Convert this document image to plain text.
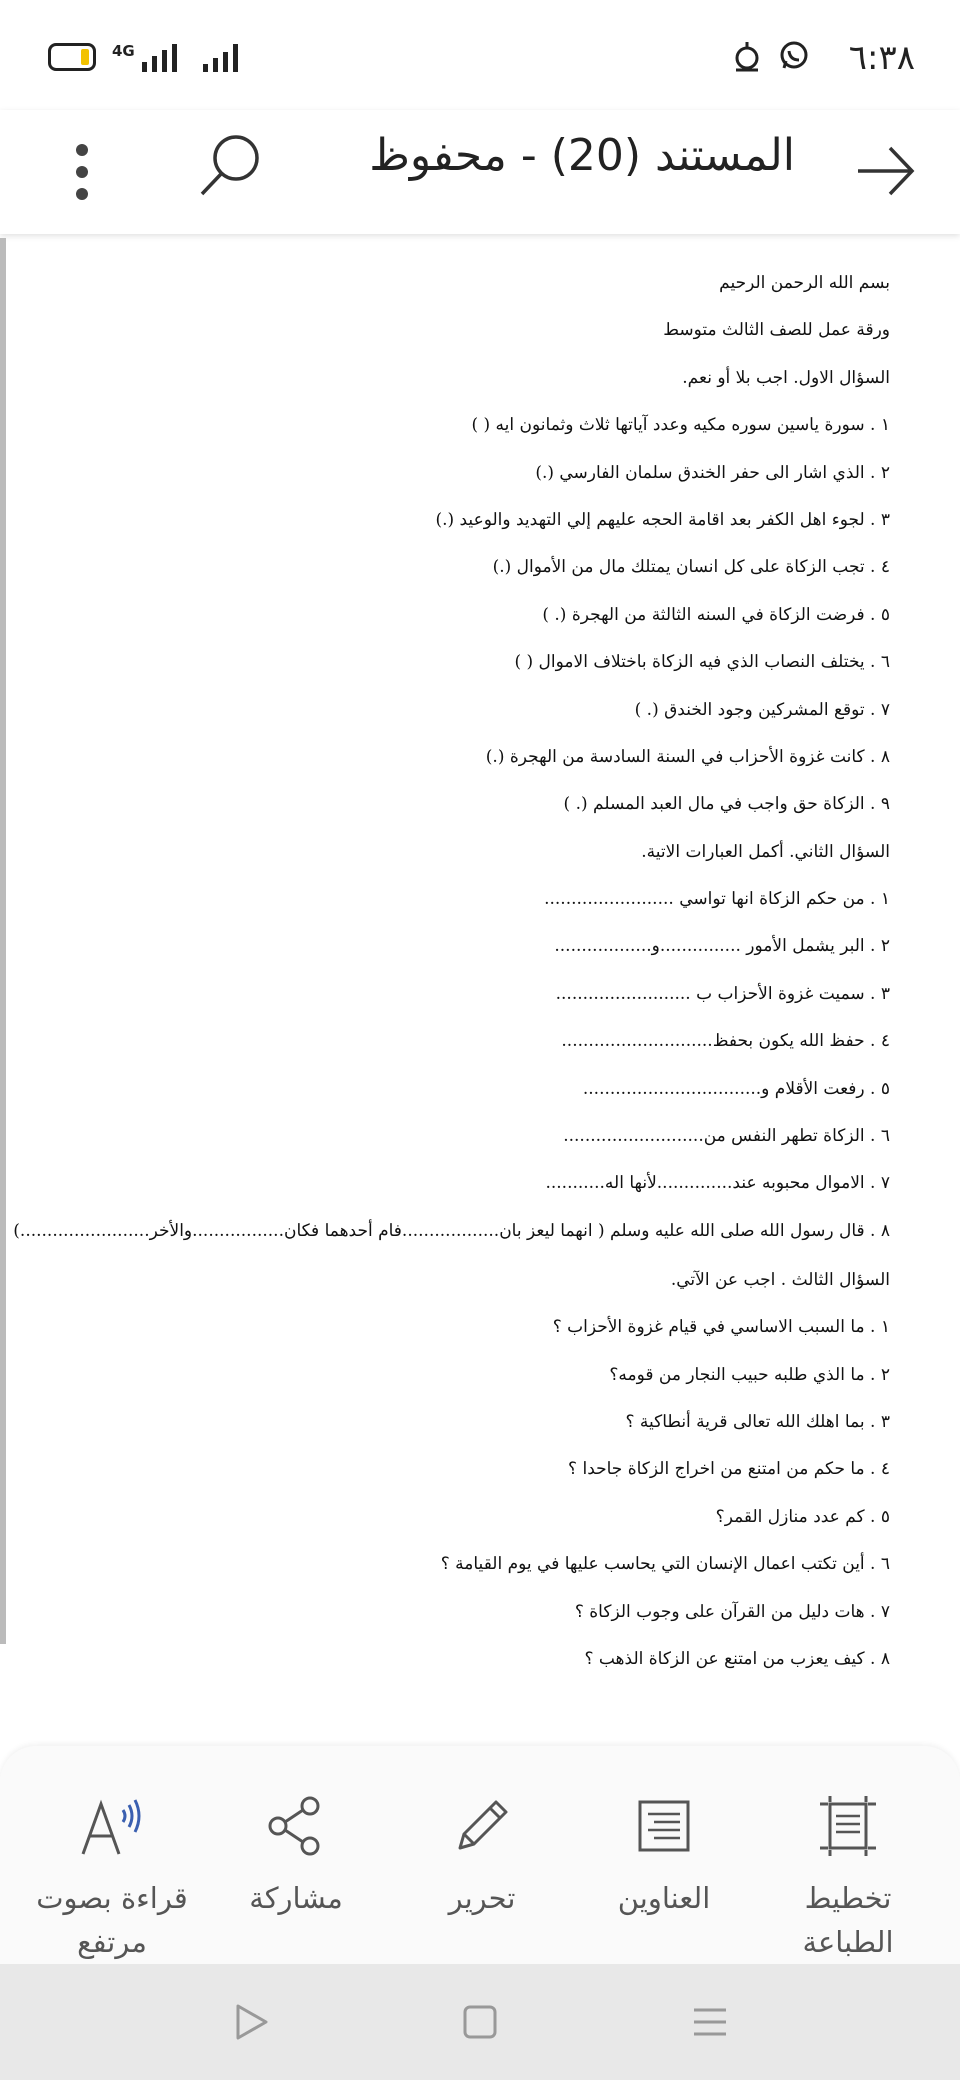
4G	٦:٣٨
المستند (20) - محفوظ
بسم الله الرحمن الرحيم
ورقة عمل للصف الثالث متوسط
السؤال الاول. اجب بلا أو نعم.
١ . سورة ياسين سوره مكيه وعدد آياتها ثلاث وثمانون ايه ( )
٢ . الذي اشار الى حفر الخندق سلمان الفارسي (.)
٣ . لجوء اهل الكفر بعد اقامة الحجه عليهم إلي التهديد والوعيد (.)
٤ . تجب الزكاة على كل انسان يمتلك مال من الأموال (.)
٥ . فرضت الزكاة في السنه الثالثة من الهجرة (. )
٦ . يختلف النصاب الذي فيه الزكاة باختلاف الاموال ( )
٧ . توقع المشركين وجود الخندق (. )
٨ . كانت غزوة الأحزاب في السنة السادسة من الهجرة (.)
٩ . الزكاة حق واجب في مال العبد المسلم (. )
السؤال الثاني. أكمل العبارات الاتية.
١ . من حكم الزكاة انها تواسي ........................
٢ . البر يشمل الأمور ...............و..................
٣ . سميت غزوة الأحزاب ب .........................
٤ . حفظ الله يكون بحفظ............................
٥ . رفعت الأقلام و.................................
٦ . الزكاة تطهر النفس من..........................
٧ . الاموال محبوبه عند..............لأنها اله...........
٨ . قال رسول الله صلى الله عليه وسلم ( انهما ليعز بان..................فام أحدهما فكان.................والأخر........................)
السؤال الثالث . اجب عن الآتي.
١ . ما السبب الاساسي في قيام غزوة الأحزاب ؟
٢ . ما الذي طلبه حبيب النجار من قومه؟
٣ . بما اهلك الله تعالى قرية أنطاكية ؟
٤ . ما حكم من امتنع من اخراج الزكاة جاحدا ؟
٥ . كم عدد منازل القمر؟
٦ . أين تكتب اعمال الإنسان التي يحاسب عليها في يوم القيامة ؟
٧ . هات دليل من القرآن على وجوب الزكاة ؟
٨ . كيف يعزب من امتنع عن الزكاة الذهب ؟
تخطيط الطباعة
العناوين
تحرير
مشاركة
قراءة بصوت مرتفع
